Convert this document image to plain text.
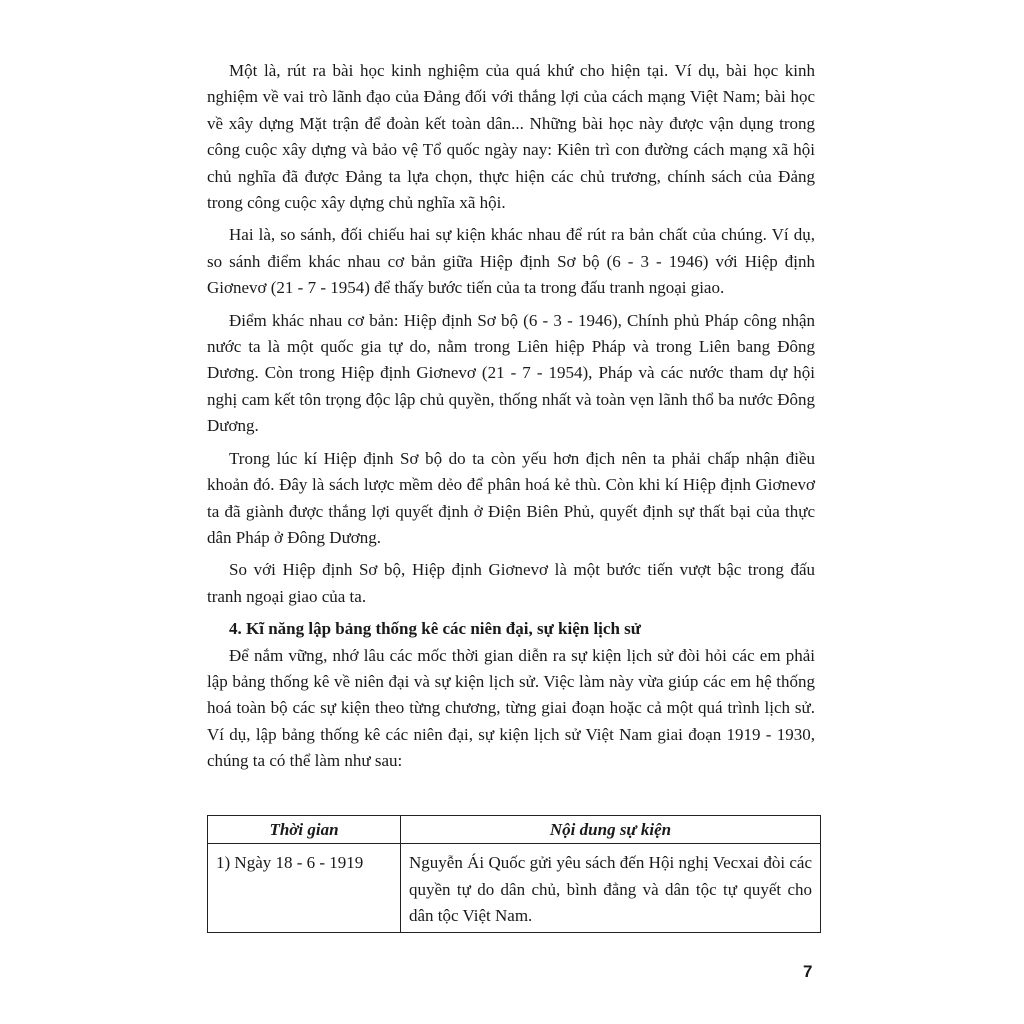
Một là, rút ra bài học kinh nghiệm của quá khứ cho hiện tại. Ví dụ, bài học kinh nghiệm về vai trò lãnh đạo của Đảng đối với thắng lợi của cách mạng Việt Nam; bài học về xây dựng Mặt trận để đoàn kết toàn dân... Những bài học này được vận dụng trong công cuộc xây dựng và bảo vệ Tổ quốc ngày nay: Kiên trì con đường cách mạng xã hội chủ nghĩa đã được Đảng ta lựa chọn, thực hiện các chủ trương, chính sách của Đảng trong công cuộc xây dựng chủ nghĩa xã hội.

Hai là, so sánh, đối chiếu hai sự kiện khác nhau để rút ra bản chất của chúng. Ví dụ, so sánh điểm khác nhau cơ bản giữa Hiệp định Sơ bộ (6 - 3 - 1946) với Hiệp định Giơnevơ (21 - 7 - 1954) để thấy bước tiến của ta trong đấu tranh ngoại giao.

Điểm khác nhau cơ bản: Hiệp định Sơ bộ (6 - 3 - 1946), Chính phủ Pháp công nhận nước ta là một quốc gia tự do, nằm trong Liên hiệp Pháp và trong Liên bang Đông Dương. Còn trong Hiệp định Giơnevơ (21 - 7 - 1954), Pháp và các nước tham dự hội nghị cam kết tôn trọng độc lập chủ quyền, thống nhất và toàn vẹn lãnh thổ ba nước Đông Dương.

Trong lúc kí Hiệp định Sơ bộ do ta còn yếu hơn địch nên ta phải chấp nhận điều khoản đó. Đây là sách lược mềm dẻo để phân hoá kẻ thù. Còn khi kí Hiệp định Giơnevơ ta đã giành được thắng lợi quyết định ở Điện Biên Phủ, quyết định sự thất bại của thực dân Pháp ở Đông Dương.

So với Hiệp định Sơ bộ, Hiệp định Giơnevơ là một bước tiến vượt bậc trong đấu tranh ngoại giao của ta.

4. Kĩ năng lập bảng thống kê các niên đại, sự kiện lịch sử

Để nắm vững, nhớ lâu các mốc thời gian diễn ra sự kiện lịch sử đòi hỏi các em phải lập bảng thống kê về niên đại và sự kiện lịch sử. Việc làm này vừa giúp các em hệ thống hoá toàn bộ các sự kiện theo từng chương, từng giai đoạn hoặc cả một quá trình lịch sử. Ví dụ, lập bảng thống kê các niên đại, sự kiện lịch sử Việt Nam giai đoạn 1919 - 1930, chúng ta có thể làm như sau:

Thời gian	Nội dung sự kiện
1) Ngày 18 - 6 - 1919	Nguyễn Ái Quốc gửi yêu sách đến Hội nghị Vecxai đòi các quyền tự do dân chủ, bình đẳng và dân tộc tự quyết cho dân tộc Việt Nam.
7
